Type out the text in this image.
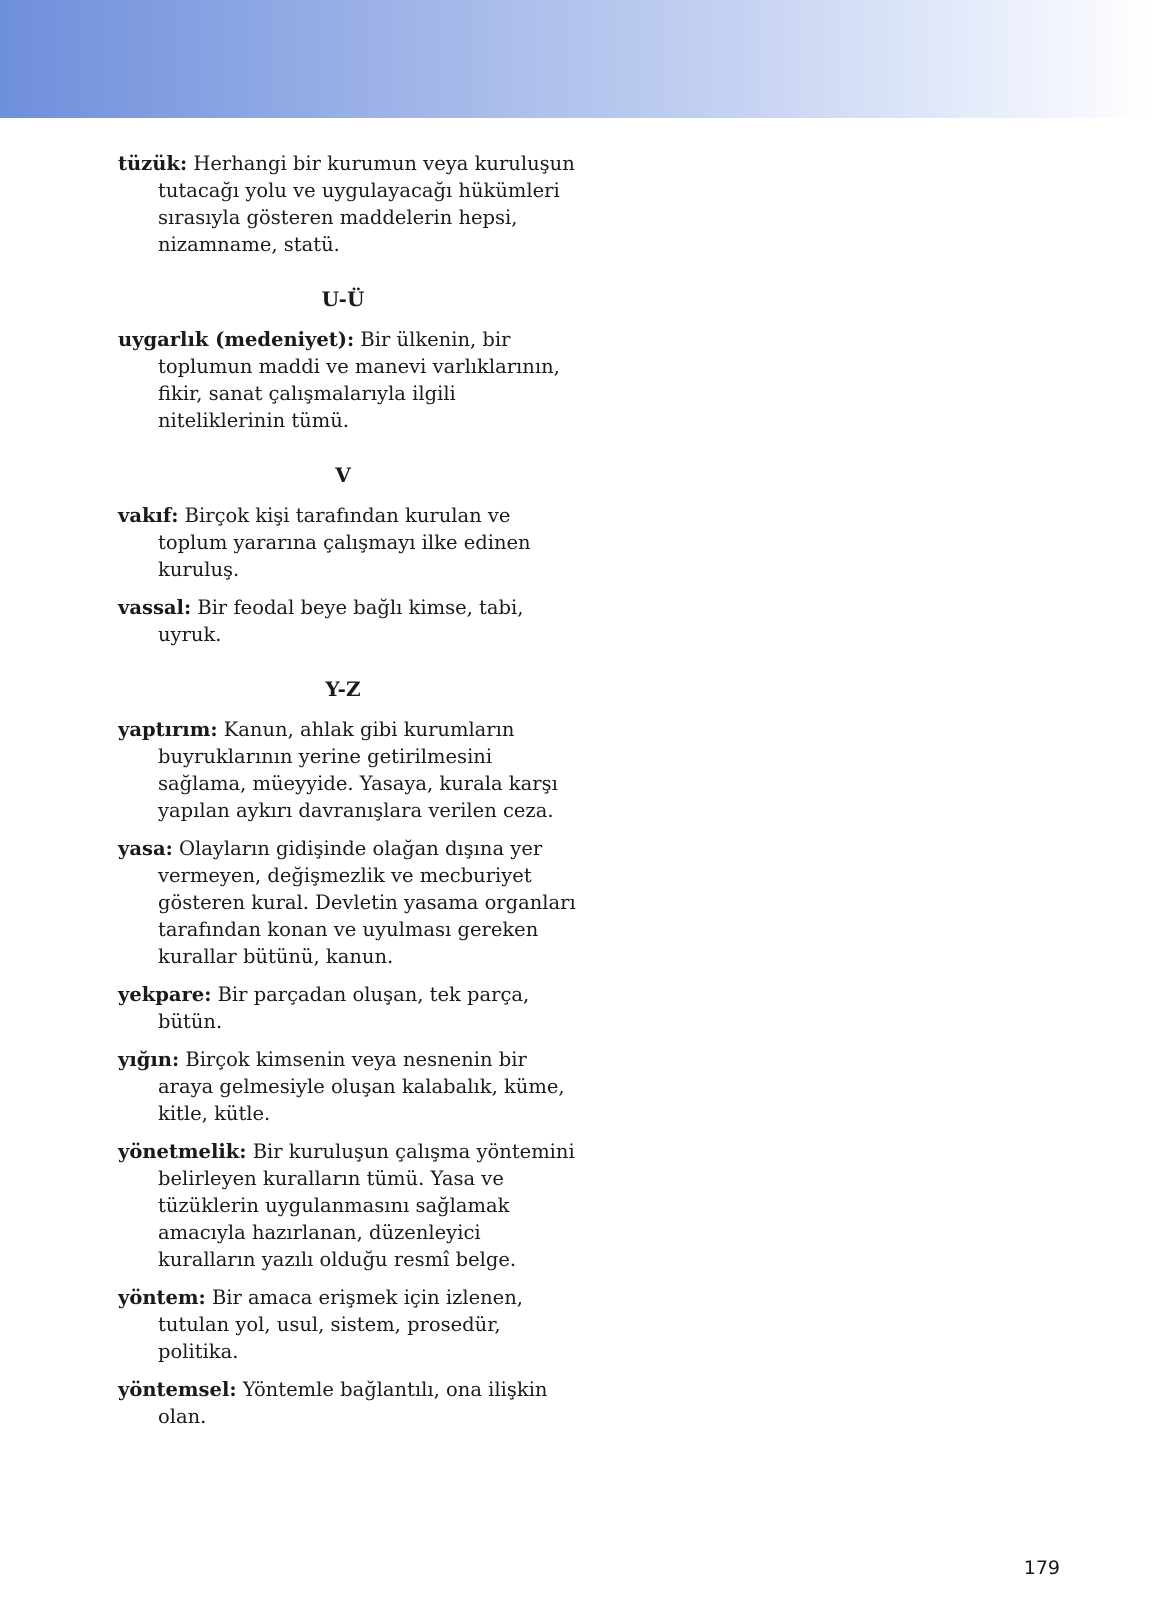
tüzük: Herhangi bir kurumun veya kuruluşun tutacağı yolu ve uygulayacağı hükümleri sırasıyla gösteren maddelerin hepsi, nizamname, statü.

U-Ü

uygarlık (medeniyet): Bir ülkenin, bir toplumun maddi ve manevi varlıklarının, fikir, sanat çalışmalarıyla ilgili niteliklerinin tümü.

V

vakıf: Birçok kişi tarafından kurulan ve toplum yararına çalışmayı ilke edinen kuruluş.

vassal: Bir feodal beye bağlı kimse, tabi, uyruk.

Y-Z

yaptırım: Kanun, ahlak gibi kurumların buyruklarının yerine getirilmesini sağlama, müeyyide. Yasaya, kurala karşı yapılan aykırı davranışlara verilen ceza.

yasa: Olayların gidişinde olağan dışına yer vermeyen, değişmezlik ve mecburiyet gösteren kural. Devletin yasama organları tarafından konan ve uyulması gereken kurallar bütünü, kanun.

yekpare: Bir parçadan oluşan, tek parça, bütün.

yığın: Birçok kimsenin veya nesnenin bir araya gelmesiyle oluşan kalabalık, küme, kitle, kütle.

yönetmelik: Bir kuruluşun çalışma yöntemini belirleyen kuralların tümü. Yasa ve tüzüklerin uygulanmasını sağlamak amacıyla hazırlanan, düzenleyici kuralların yazılı olduğu resmî belge.

yöntem: Bir amaca erişmek için izlenen, tutulan yol, usul, sistem, prosedür, politika.

yöntemsel: Yöntemle bağlantılı, ona ilişkin olan.

179
